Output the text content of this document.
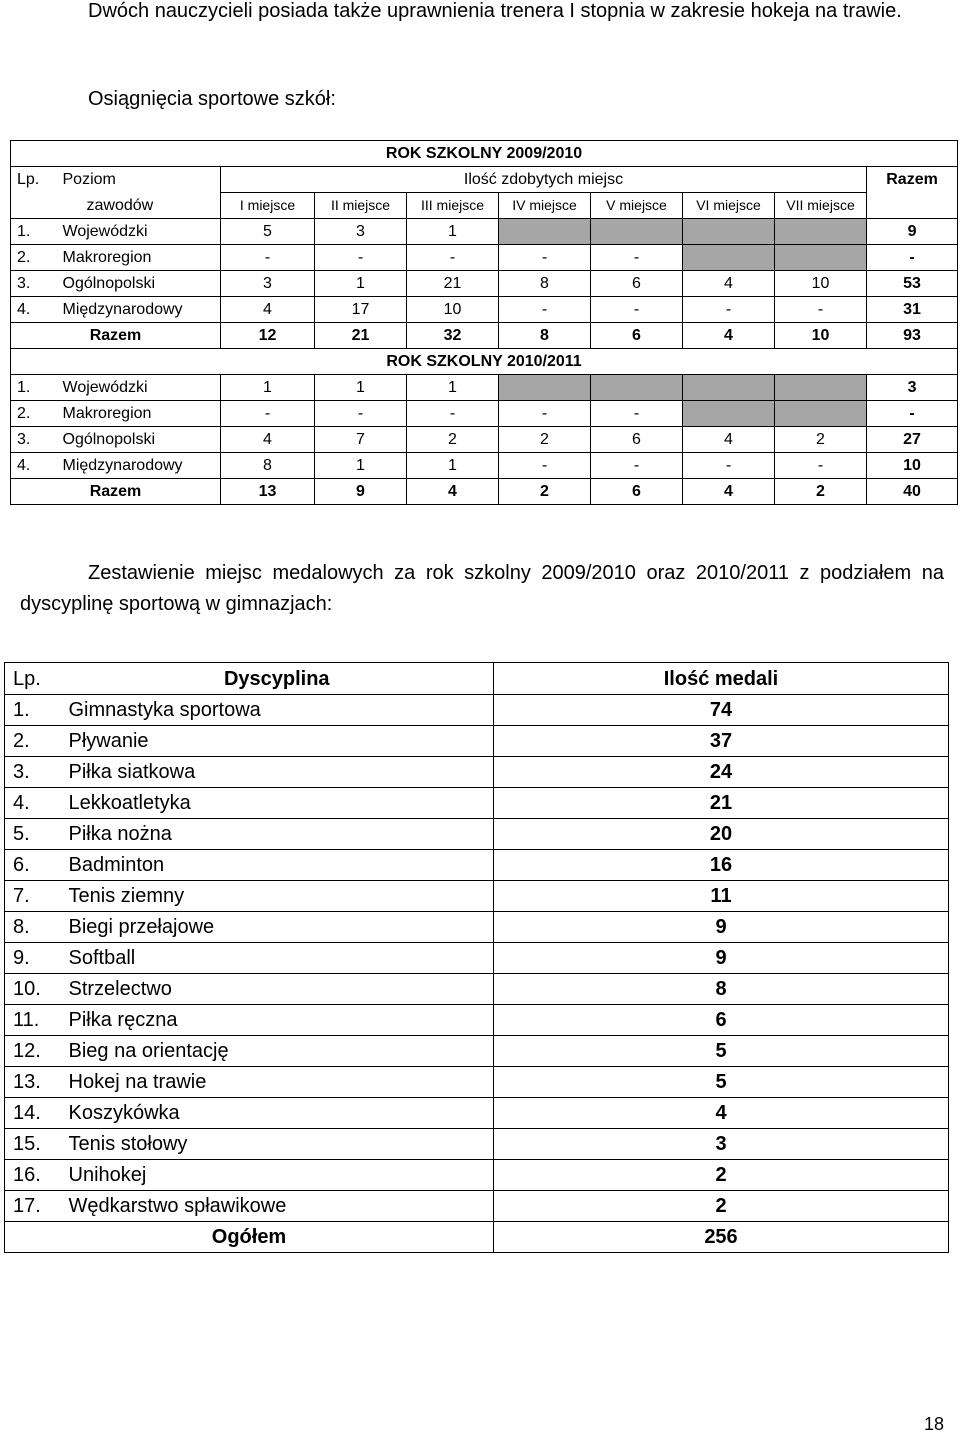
Dwóch nauczycieli posiada także uprawnienia trenera I stopnia w zakresie hokeja na trawie.

Osiągnięcia sportowe szkół:

ROK SZKOLNY 2009/2010									
Lp.	Poziom	Ilość zdobytych miejsc							Razem
	zawodów	I miejsce	II miejsce	III miejsce	IV miejsce	V miejsce	VI miejsce	VII miejsce	
1.	Wojewódzki	5	3	1					9
2.	Makroregion	-	-	-	-	-			-
3.	Ogólnopolski	3	1	21	8	6	4	10	53
4.	Międzynarodowy	4	17	10	-	-	-	-	31
Razem		12	21	32	8	6	4	10	93
ROK SZKOLNY 2010/2011									
1.	Wojewódzki	1	1	1					3
2.	Makroregion	-	-	-	-	-			-
3.	Ogólnopolski	4	7	2	2	6	4	2	27
4.	Międzynarodowy	8	1	1	-	-	-	-	10
Razem		13	9	4	2	6	4	2	40

Zestawienie miejsc medalowych za rok szkolny 2009/2010 oraz 2010/2011 z podziałem na dyscyplinę sportową w gimnazjach:

Lp.	Dyscyplina	Ilość medali
1.	Gimnastyka sportowa	74
2.	Pływanie	37
3.	Piłka siatkowa	24
4.	Lekkoatletyka	21
5.	Piłka nożna	20
6.	Badminton	16
7.	Tenis ziemny	11
8.	Biegi przełajowe	9
9.	Softball	9
10.	Strzelectwo	8
11.	Piłka ręczna	6
12.	Bieg na orientację	5
13.	Hokej na trawie	5
14.	Koszykówka	4
15.	Tenis stołowy	3
16.	Unihokej	2
17.	Wędkarstwo spławikowe	2
Ogółem		256
18
